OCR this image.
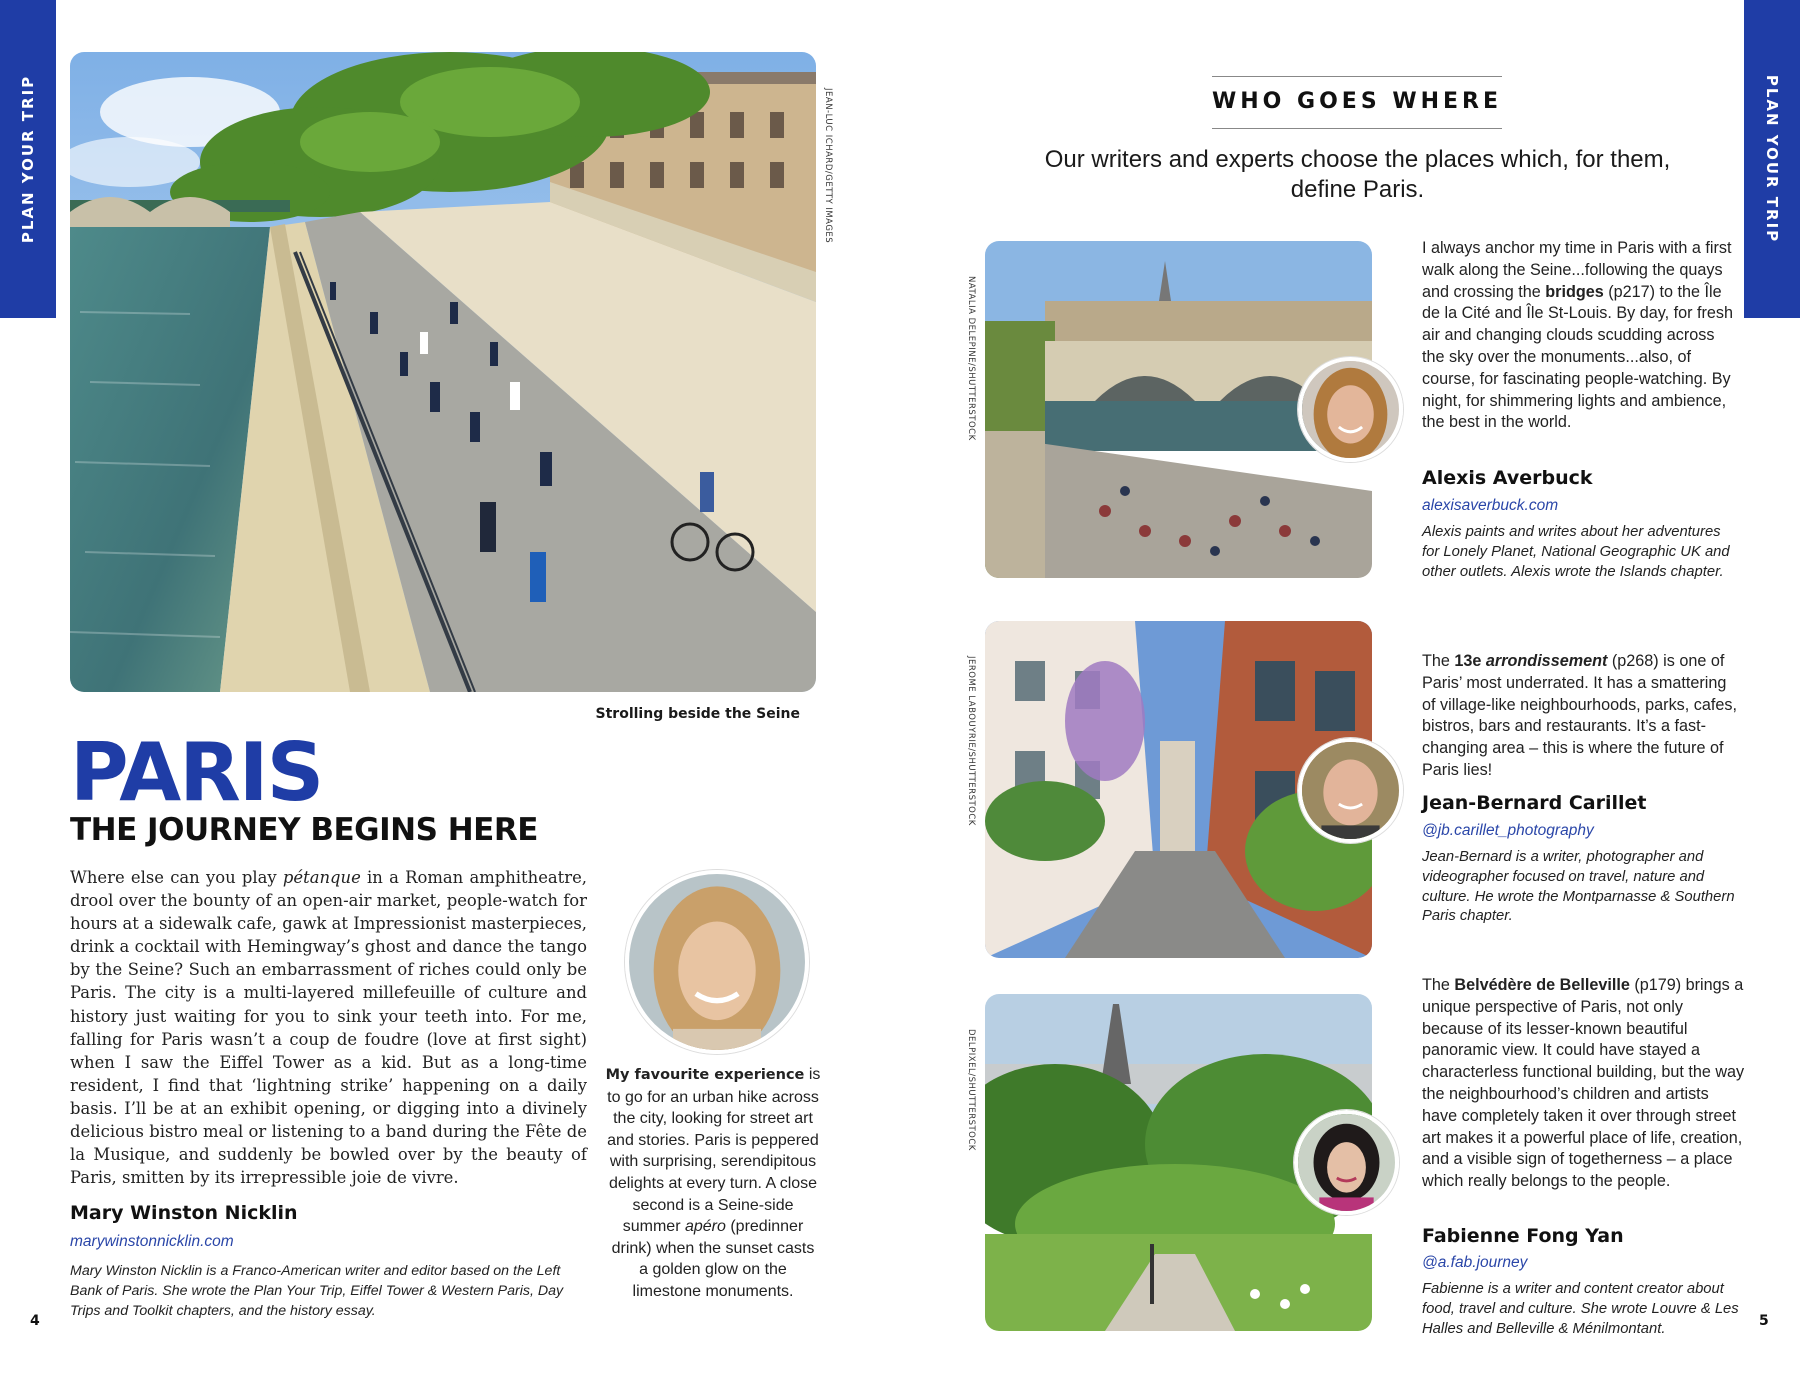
PLAN YOUR TRIP	PLAN YOUR TRIP
JEAN-LUC ICHARD/GETTY IMAGES
Strolling beside the Seine
PARIS
THE JOURNEY BEGINS HERE
Where else can you play pétanque in a Roman amphitheatre, drool over the bounty of an open-air market, people-watch for hours at a sidewalk cafe, gawk at Impressionist masterpieces, drink a cocktail with Hemingway’s ghost and dance the tango by the Seine? Such an embarrassment of riches could only be Paris. The city is a multi-layered millefeuille of culture and history just waiting for you to sink your teeth into. For me, falling for Paris wasn’t a coup de foudre (love at first sight) when I saw the Eiffel Tower as a kid. But as a long-time resident, I find that ‘lightning strike’ happening on a daily basis. I’ll be at an exhibit opening, or digging into a divinely delicious bistro meal or listening to a band during the Fête de la Musique, and suddenly be bowled over by the beauty of Paris, smitten by its irrepressible joie de vivre.
Mary Winston Nicklin
marywinstonnicklin.com
Mary Winston Nicklin is a Franco-American writer and editor based on the Left Bank of Paris. She wrote the Plan Your Trip, Eiffel Tower & Western Paris, Day Trips and Toolkit chapters, and the history essay.
My favourite experience is to go for an urban hike across the city, looking for street art and stories. Paris is peppered with surprising, serendipitous delights at every turn. A close second is a Seine-side summer apéro (predinner drink) when the sunset casts a golden glow on the limestone monuments.
4	5
WHO GOES WHERE
Our writers and experts choose the places which, for them, define Paris.
NATALIA DELEPINE/SHUTTERSTOCK
I always anchor my time in Paris with a first walk along the Seine...following the quays and crossing the bridges (p217) to the Île de la Cité and Île St-Louis. By day, for fresh air and changing clouds scudding across the sky over the monuments...also, of course, for fascinating people-watching. By night, for shimmering lights and ambience, the best in the world.
Alexis Averbuck
alexisaverbuck.com
Alexis paints and writes about her adventures for Lonely Planet, National Geographic UK and other outlets. Alexis wrote the Islands chapter.
JEROME LABOUYRIE/SHUTTERSTOCK	The 13e arrondissement (p268) is one of Paris’ most underrated. It has a smattering of village-like neighbourhoods, parks, cafes, bistros, bars and restaurants. It’s a fast-changing area – this is where the future of Paris lies!
Jean-Bernard Carillet
@jb.carillet_photography
Jean-Bernard is a writer, photographer and videographer focused on travel, nature and culture. He wrote the Montparnasse & Southern Paris chapter.
DELPIXEL/SHUTTERSTOCK
The Belvédère de Belleville (p179) brings a unique perspective of Paris, not only because of its lesser-known beautiful panoramic view. It could have stayed a characterless functional building, but the way the neighbourhood’s children and artists have completely taken it over through street art makes it a powerful place of life, creation, and a visible sign of togetherness – a place which really belongs to the people.
Fabienne Fong Yan
@a.fab.journey
Fabienne is a writer and content creator about food, travel and culture. She wrote Louvre & Les Halles and Belleville & Ménilmontant.
